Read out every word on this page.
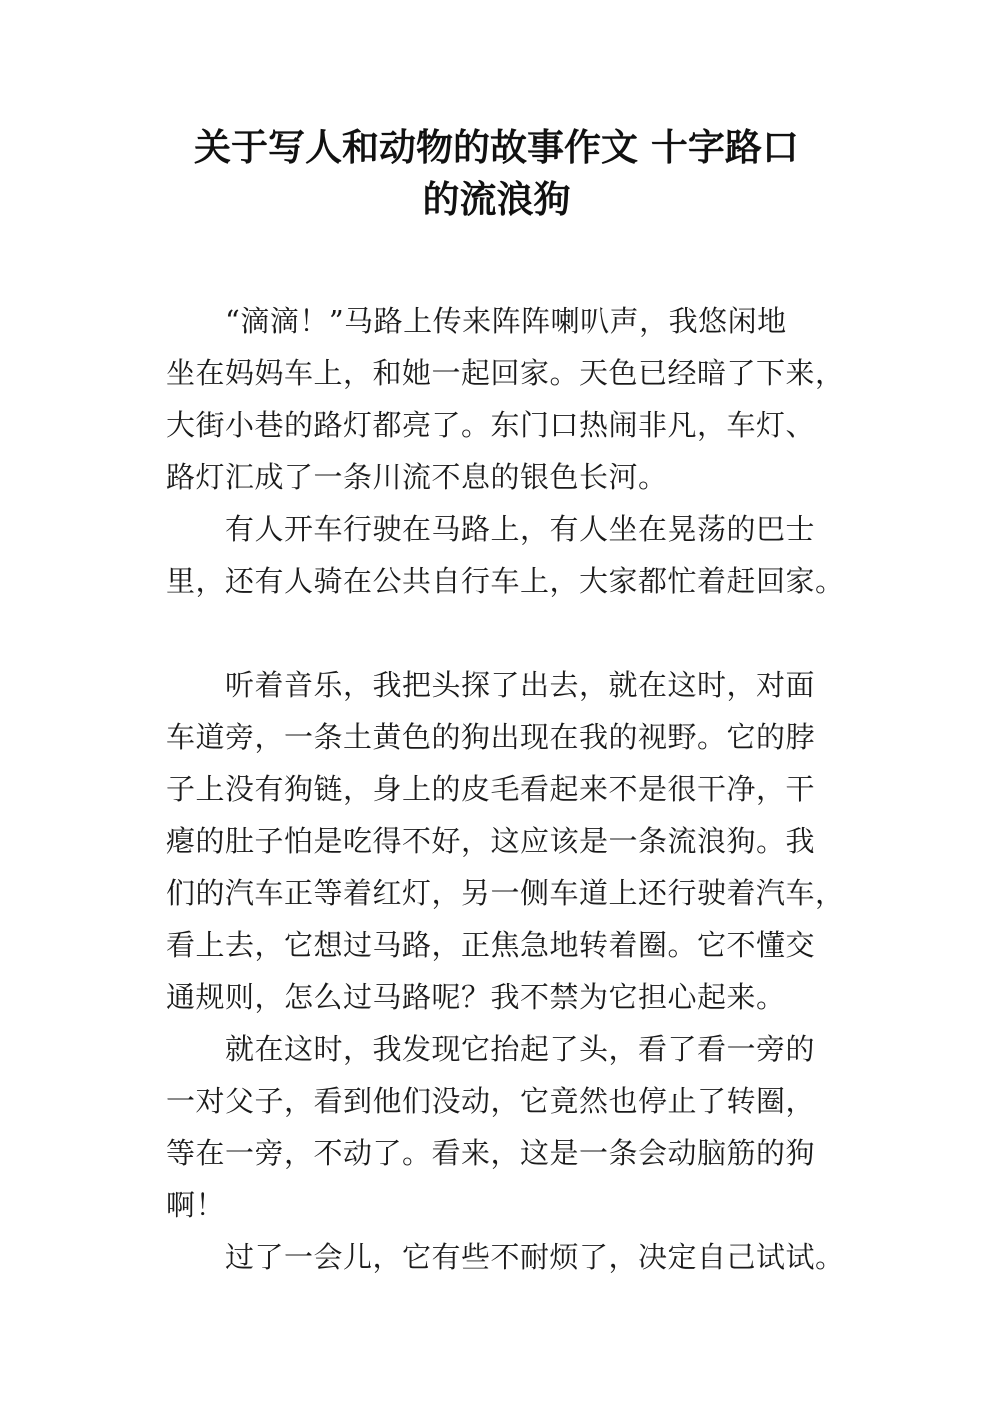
关于写人和动物的故事作文 十字路口
的流浪狗
　　“滴滴！”马路上传来阵阵喇叭声，我悠闲地
坐在妈妈车上，和她一起回家。天色已经暗了下来，
大街小巷的路灯都亮了。东门口热闹非凡，车灯、
路灯汇成了一条川流不息的银色长河。
　　有人开车行驶在马路上，有人坐在晃荡的巴士
里，还有人骑在公共自行车上，大家都忙着赶回家。
　　听着音乐，我把头探了出去，就在这时，对面
车道旁，一条土黄色的狗出现在我的视野。它的脖
子上没有狗链，身上的皮毛看起来不是很干净，干
瘪的肚子怕是吃得不好，这应该是一条流浪狗。我
们的汽车正等着红灯，另一侧车道上还行驶着汽车，
看上去，它想过马路，正焦急地转着圈。它不懂交
通规则，怎么过马路呢？我不禁为它担心起来。
　　就在这时，我发现它抬起了头，看了看一旁的
一对父子，看到他们没动，它竟然也停止了转圈，
等在一旁，不动了。看来，这是一条会动脑筋的狗
啊！
　　过了一会儿，它有些不耐烦了，决定自己试试。
